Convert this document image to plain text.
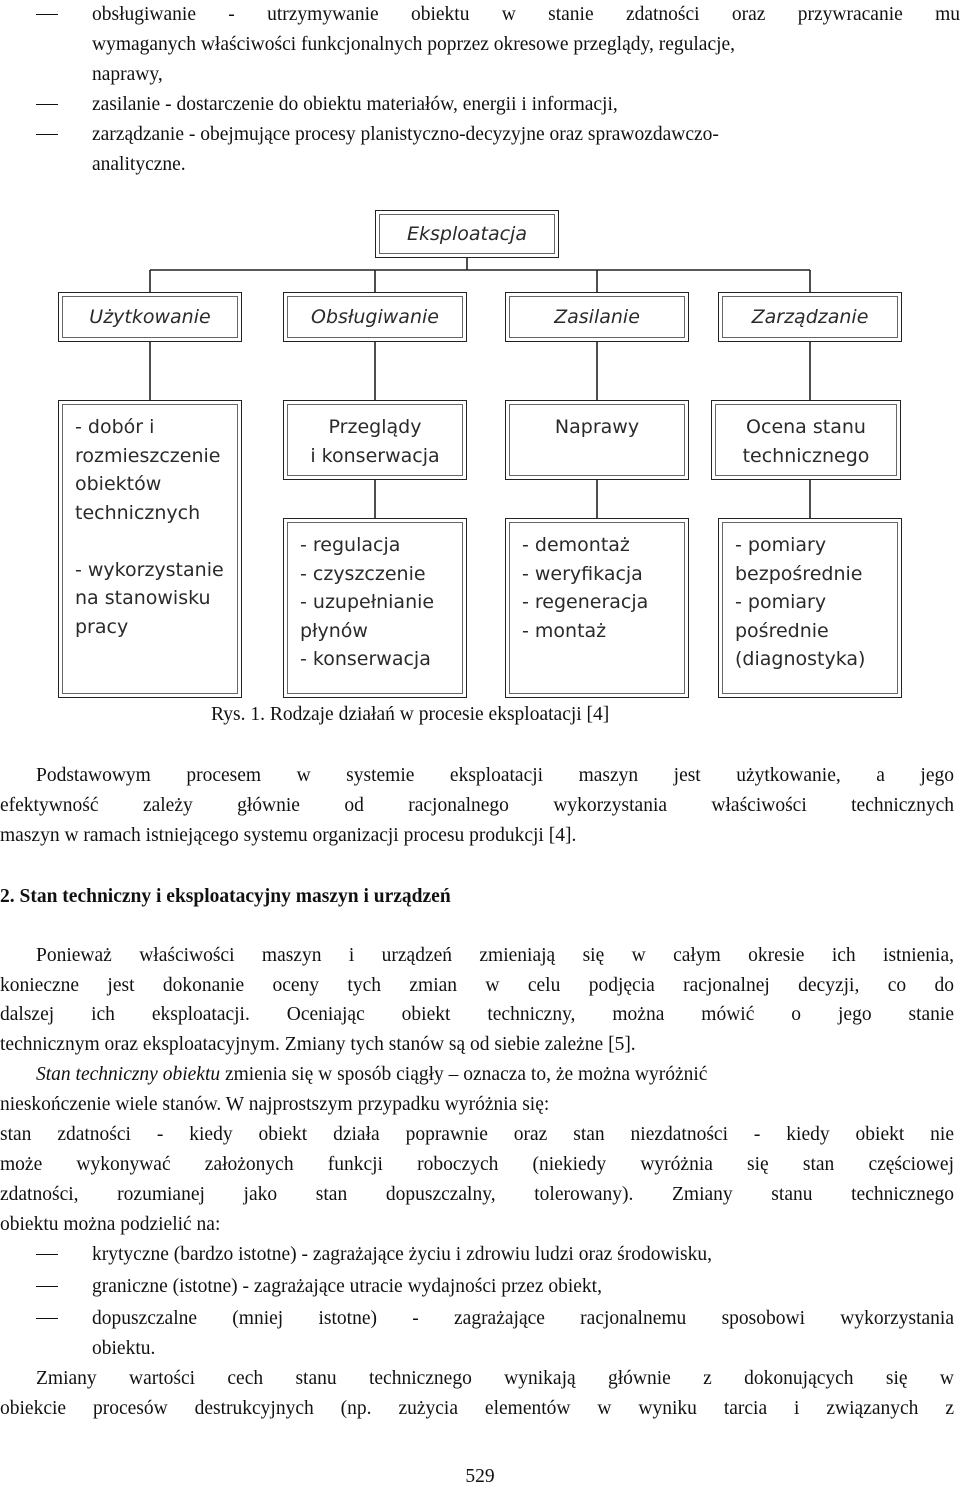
obsługiwanie - utrzymywanie obiektu w stanie zdatności oraz przywracanie mu
wymaganych właściwości funkcjonalnych poprzez okresowe przeglądy, regulacje,
naprawy,
zasilanie - dostarczenie do obiektu materiałów, energii i informacji,
zarządzanie - obejmujące procesy planistyczno-decyzyjne oraz sprawozdawczo-
analityczne.
Eksploatacja
Użytkowanie	Obsługiwanie	Zasilanie	Zarządzanie
- dobór i
rozmieszczenie
obiektów
technicznych
- wykorzystanie
na stanowisku
pracy
Przeglądy
i konserwacja
Naprawy	Ocena stanu
technicznego
- regulacja
- czyszczenie
- uzupełnianie
płynów
- konserwacja
- demontaż
- weryfikacja
- regeneracja
- montaż
- pomiary
bezpośrednie
- pomiary
pośrednie
(diagnostyka)
Rys. 1. Rodzaje działań w procesie eksploatacji [4]
Podstawowym procesem w systemie eksploatacji maszyn jest użytkowanie, a jego
efektywność zależy głównie od racjonalnego wykorzystania właściwości technicznych
maszyn w ramach istniejącego systemu organizacji procesu produkcji [4].
2. Stan techniczny i eksploatacyjny maszyn i urządzeń
Ponieważ właściwości maszyn i urządzeń zmieniają się w całym okresie ich istnienia,
konieczne jest dokonanie oceny tych zmian w celu podjęcia racjonalnej decyzji, co do
dalszej ich eksploatacji. Oceniając obiekt techniczny, można mówić o jego stanie
technicznym oraz eksploatacyjnym. Zmiany tych stanów są od siebie zależne [5].
Stan techniczny obiektu zmienia się w sposób ciągły – oznacza to, że można wyróżnić
nieskończenie wiele stanów. W najprostszym przypadku wyróżnia się:
stan zdatności - kiedy obiekt działa poprawnie oraz stan niezdatności - kiedy obiekt nie
może wykonywać założonych funkcji roboczych (niekiedy wyróżnia się stan częściowej
zdatności, rozumianej jako stan dopuszczalny, tolerowany). Zmiany stanu technicznego
obiektu można podzielić na:
krytyczne (bardzo istotne) - zagrażające życiu i zdrowiu ludzi oraz środowisku,
graniczne (istotne) - zagrażające utracie wydajności przez obiekt,
dopuszczalne (mniej istotne) - zagrażające racjonalnemu sposobowi wykorzystania
obiektu.
Zmiany wartości cech stanu technicznego wynikają głównie z dokonujących się w
obiekcie procesów destrukcyjnych (np. zużycia elementów w wyniku tarcia i związanych z
529
